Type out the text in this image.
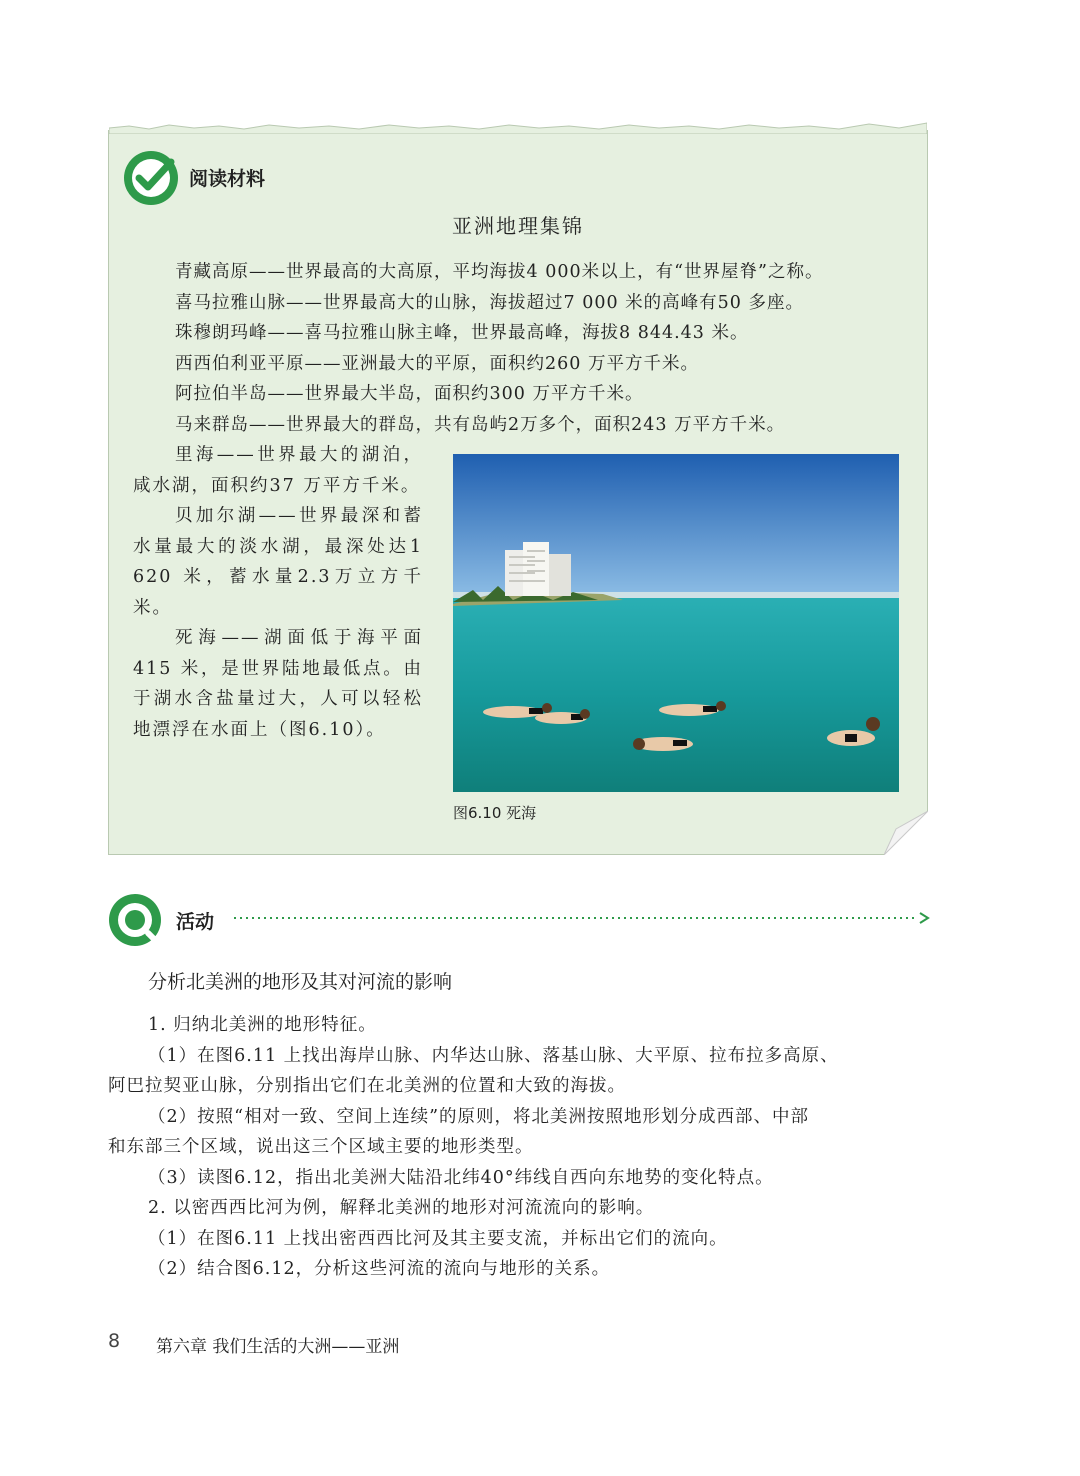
阅读材料
亚洲地理集锦
青藏高原——世界最高的大高原，平均海拔4 000米以上，有“世界屋脊”之称。
喜马拉雅山脉——世界最高大的山脉，海拔超过7 000 米的高峰有50 多座。
珠穆朗玛峰——喜马拉雅山脉主峰，世界最高峰，海拔8 844.43 米。
西西伯利亚平原——亚洲最大的平原，面积约260 万平方千米。
阿拉伯半岛——世界最大半岛，面积约300 万平方千米。
马来群岛——世界最大的群岛，共有岛屿2万多个，面积243 万平方千米。
里海——世界最大的湖泊，咸水湖，面积约37 万平方千米。
贝加尔湖——世界最深和蓄水量最大的淡水湖，最深处达1 620 米，蓄水量2.3万立方千米。
死海——湖面低于海平面415 米，是世界陆地最低点。由于湖水含盐量过大，人可以轻松地漂浮在水面上（图6.10）。
图6.10 死海
活动
分析北美洲的地形及其对河流的影响
1. 归纳北美洲的地形特征。
（1）在图6.11 上找出海岸山脉、内华达山脉、落基山脉、大平原、拉布拉多高原、
阿巴拉契亚山脉，分别指出它们在北美洲的位置和大致的海拔。
（2）按照“相对一致、空间上连续”的原则，将北美洲按照地形划分成西部、中部
和东部三个区域，说出这三个区域主要的地形类型。
（3）读图6.12，指出北美洲大陆沿北纬40°纬线自西向东地势的变化特点。
2. 以密西西比河为例，解释北美洲的地形对河流流向的影响。
（1）在图6.11 上找出密西西比河及其主要支流，并标出它们的流向。
（2）结合图6.12，分析这些河流的流向与地形的关系。
8 第六章 我们生活的大洲——亚洲
